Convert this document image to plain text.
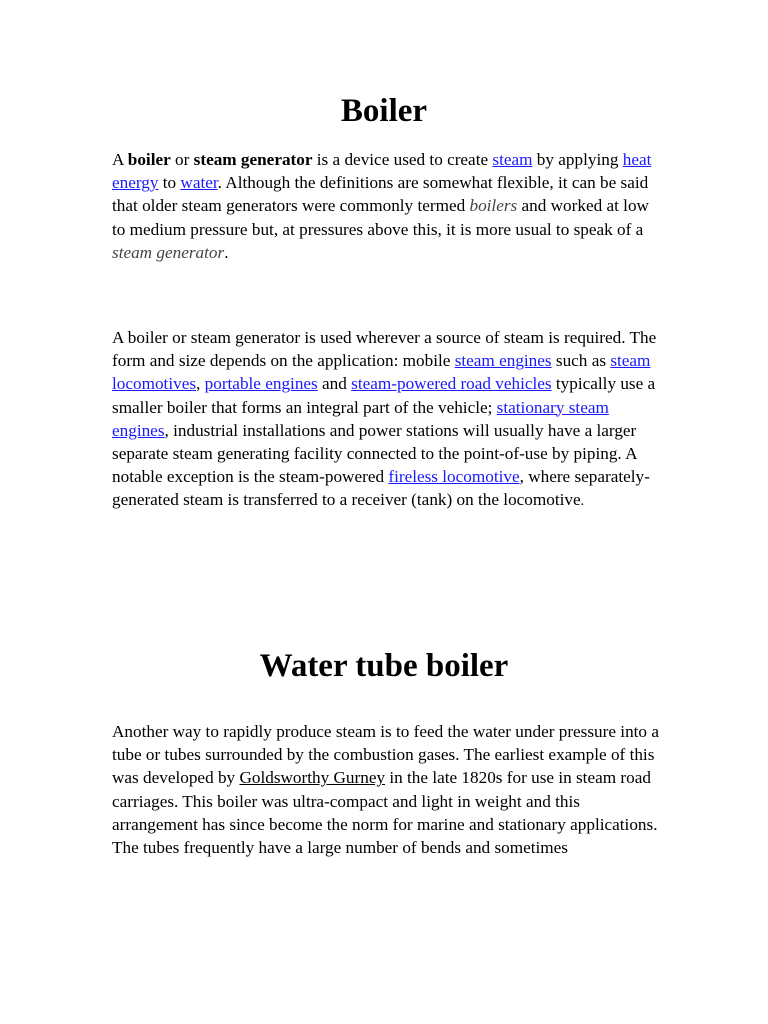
Boiler

A boiler or steam generator is a device used to create steam by applying heat energy to water. Although the definitions are somewhat flexible, it can be said that older steam generators were commonly termed boilers and worked at low to medium pressure but, at pressures above this, it is more usual to speak of a steam generator.

A boiler or steam generator is used wherever a source of steam is required. The form and size depends on the application: mobile steam engines such as steam locomotives, portable engines and steam-powered road vehicles typically use a smaller boiler that forms an integral part of the vehicle; stationary steam engines, industrial installations and power stations will usually have a larger separate steam generating facility connected to the point-of-use by piping. A notable exception is the steam-powered fireless locomotive, where separately-generated steam is transferred to a receiver (tank) on the locomotive.

Water tube boiler

Another way to rapidly produce steam is to feed the water under pressure into a tube or tubes surrounded by the combustion gases. The earliest example of this was developed by Goldsworthy Gurney in the late 1820s for use in steam road carriages. This boiler was ultra-compact and light in weight and this arrangement has since become the norm for marine and stationary applications. The tubes frequently have a large number of bends and sometimes
